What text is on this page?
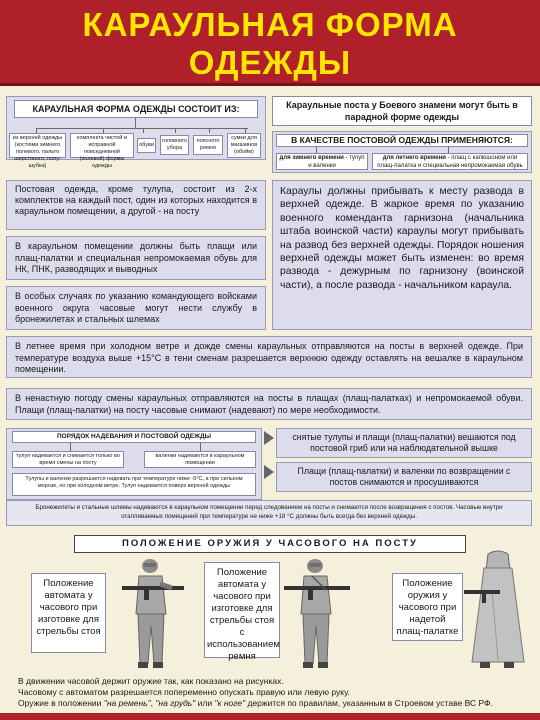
КАРАУЛЬНАЯ ФОРМА
ОДЕЖДЫ
КАРАУЛЬНАЯ ФОРМА ОДЕЖДЫ СОСТОИТ ИЗ:
из верхней одежды (костюма зимнего полевого, пальто шерстяного, полу-шубка)
комплекта чистой и исправной повседневной (полевой) формы одежды
обуви
головного убора
поясного ремня
сумки для магазинов (обойм)
Караульные поста у Боевого знамени могут быть в парадной форме одежды
В КАЧЕСТВЕ ПОСТОВОЙ ОДЕЖДЫ ПРИМЕНЯЮТСЯ:
для зимнего времени - тулуп и валенки
для летнего времени - плащ с капюшоном или плащ-палатка и специальная непромокаемая обувь
Постовая одежда, кроме тулупа, состоит из 2-х комплектов на каждый пост, один из которых находится в караульном помещении, а другой - на посту
В караульном помещении должны быть плащи или плащ-палатки и специальная непромокаемая обувь для НК, ПНК, разводящих и выводных
В особых случаях по указанию командующего войсками военного округа часовые могут нести службу в бронежилетах и стальных шлемах
Караулы должны прибывать к месту развода в верхней одежде. В жаркое время по указанию военного коменданта гарнизона (начальника штаба воинской части) караулы могут прибывать на развод без верхней одежды. Порядок ношения верхней одежды может быть изменен: во время развода - дежурным по гарнизону (воинской части), а после развода - начальником караула.
В летнее время при холодном ветре и дожде смены караульных отправляются на посты в верхней одежде. При температуре воздуха выше +15°С в тени сменам разрешается верхнюю одежду оставлять на вешалке в караульном помещении.
В ненастную погоду смены караульных отправляются на посты в плащах (плащ-палатках) и непромокаемой обуви. Плащи (плащ-палатки) на посту часовые снимают (надевают) по мере необходимости.
ПОРЯДОК НАДЕВАНИЯ И ПОСТОВОЙ ОДЕЖДЫ
тулуп надевается и снимается только во время смены на посту
валенки надеваются в караульном помещении
Тулупы и валенки разрешается надевать при температуре ниже -5°С, а при сильном морозе, но при холодном ветре. Тулуп надевается поверх верхней одежды
снятые тулупы и плащи (плащ-палатки) вешаются под постовой гриб или на наблюдательной вышке
Плащи (плащ-палатки) и валенки по возвращении с постов снимаются и просушиваются
Бронежилеты и стальные шлемы надеваются в караульном помещении перед следованием на посты и снимаются после возвращения с постов. Часовые внутри отапливаемых помещений при температуре не ниже +18 °С должны быть всегда без верхней одежды.
ПОЛОЖЕНИЕ ОРУЖИЯ У ЧАСОВОГО НА ПОСТУ
Положение автомата у часового при изготовке для стрельбы стоя
Положение автомата у часового при изготовке для стрельбы стоя с использованием ремня
Положение оружия у часового при надетой плащ-палатке
В движении часовой держит оружие так, как показано на рисунках.
Часовому с автоматом разрешается попеременно опускать правую или левую руку.
Оружие в положении "на ремень", "на грудь" или "к ноге" держится по правилам, указанным в Строевом уставе ВС РФ.
